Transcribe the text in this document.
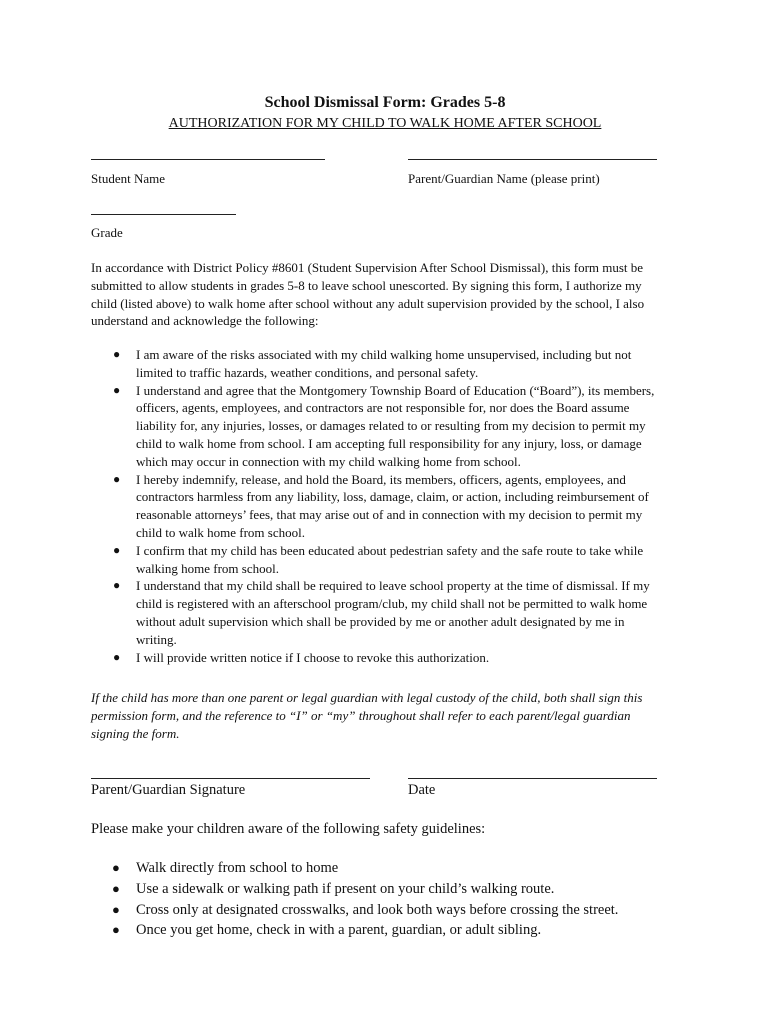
School Dismissal Form: Grades 5-8
AUTHORIZATION FOR MY CHILD TO WALK HOME AFTER SCHOOL
Student Name	Parent/Guardian Name (please print)
Grade
In accordance with District Policy #8601 (Student Supervision After School Dismissal), this form must be
submitted to allow students in grades 5-8 to leave school unescorted. By signing this form, I authorize my
child (listed above) to walk home after school without any adult supervision provided by the school, I also
understand and acknowledge the following:
● I am aware of the risks associated with my child walking home unsupervised, including but not
limited to traffic hazards, weather conditions, and personal safety.
● I understand and agree that the Montgomery Township Board of Education (“Board”), its members,
officers, agents, employees, and contractors are not responsible for, nor does the Board assume
liability for, any injuries, losses, or damages related to or resulting from my decision to permit my
child to walk home from school. I am accepting full responsibility for any injury, loss, or damage
which may occur in connection with my child walking home from school.
● I hereby indemnify, release, and hold the Board, its members, officers, agents, employees, and
contractors harmless from any liability, loss, damage, claim, or action, including reimbursement of
reasonable attorneys’ fees, that may arise out of and in connection with my decision to permit my
child to walk home from school.
● I confirm that my child has been educated about pedestrian safety and the safe route to take while
walking home from school.
● I understand that my child shall be required to leave school property at the time of dismissal. If my
child is registered with an afterschool program/club, my child shall not be permitted to walk home
without adult supervision which shall be provided by me or another adult designated by me in
writing.
● I will provide written notice if I choose to revoke this authorization.
If the child has more than one parent or legal guardian with legal custody of the child, both shall sign this
permission form, and the reference to “I” or “my” throughout shall refer to each parent/legal guardian
signing the form.
Parent/Guardian Signature	Date
Please make your children aware of the following safety guidelines:
● Walk directly from school to home
● Use a sidewalk or walking path if present on your child’s walking route.
● Cross only at designated crosswalks, and look both ways before crossing the street.
● Once you get home, check in with a parent, guardian, or adult sibling.
